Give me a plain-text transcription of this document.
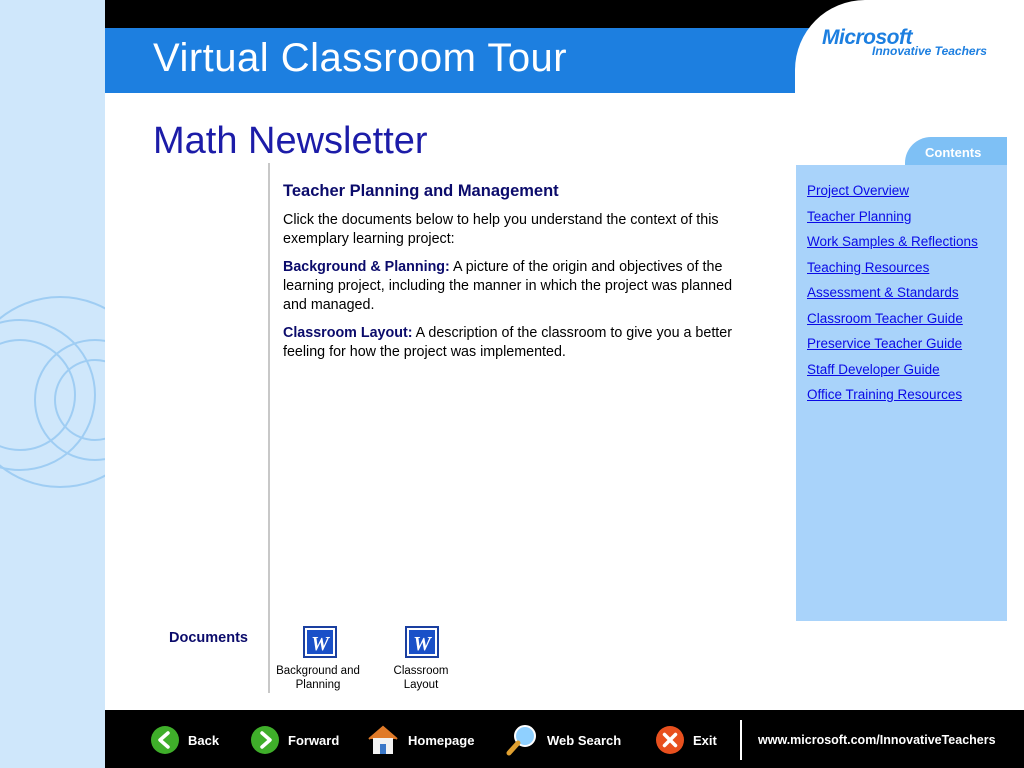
Virtual Classroom Tour	Microsoft
Innovative Teachers
Math Newsletter
Teacher Planning and Management

Click the documents below to help you understand the context of this exemplary learning project:

Background & Planning: A picture of the origin and objectives of the learning project, including the manner in which the project was planned and managed.

Classroom Layout: A description of the classroom to give you a better feeling for how the project was implemented.

Contents
Project Overview
Teacher Planning
Work Samples & Reflections
Teaching Resources
Assessment & Standards
Classroom Teacher Guide
Preservice Teacher Guide
Staff Developer Guide
Office Training Resources
Documents	W
Background and
Planning
W
Classroom
Layout
Back	Forward	Homepage	Web Search	Exit	www.microsoft.com/InnovativeTeachers
